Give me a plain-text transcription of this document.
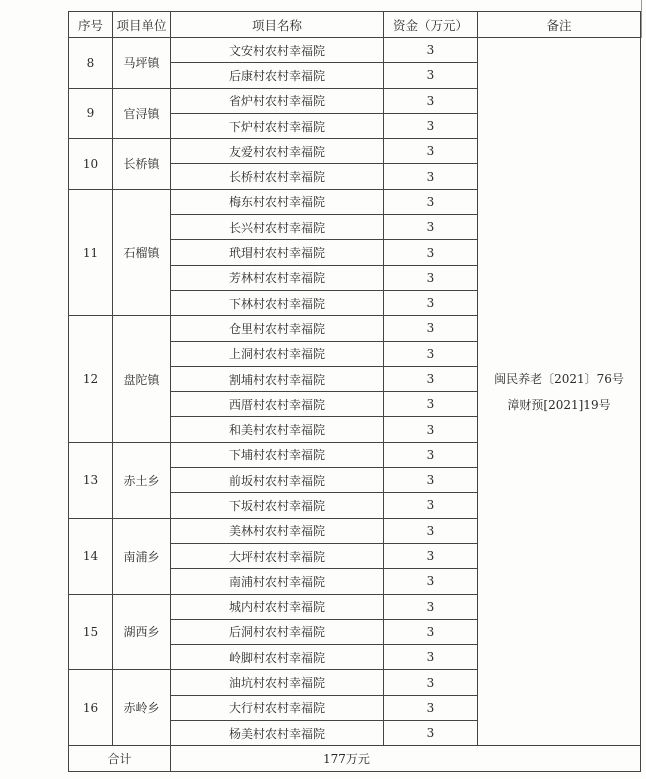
序号	项目单位	项目名称	资金（万元）	备注
8	马坪镇	文安村农村幸福院	3	闽民养老〔2021〕76号
漳财预[2021]19号

		后康村农村幸福院	3	
9	官浔镇	省炉村农村幸福院	3	
		下炉村农村幸福院	3	
10	长桥镇	友爱村农村幸福院	3	
		长桥村农村幸福院	3	
11	石榴镇	梅东村农村幸福院	3	
		长兴村农村幸福院	3	
		玳瑁村农村幸福院	3	
		芳林村农村幸福院	3	
		下林村农村幸福院	3	
12	盘陀镇	仓里村农村幸福院	3	
		上洞村农村幸福院	3	
		割埔村农村幸福院	3	
		西厝村农村幸福院	3	
		和美村农村幸福院	3	
13	赤土乡	下埔村农村幸福院	3	
		前坂村农村幸福院	3	
		下坂村农村幸福院	3	
14	南浦乡	美林村农村幸福院	3	
		大坪村农村幸福院	3	
		南浦村农村幸福院	3	
15	湖西乡	城内村农村幸福院	3	
		后洞村农村幸福院	3	
		岭脚村农村幸福院	3	
16	赤岭乡	油坑村农村幸福院	3	
		大行村农村幸福院	3	
		杨美村农村幸福院	3	
合计		177万元		
